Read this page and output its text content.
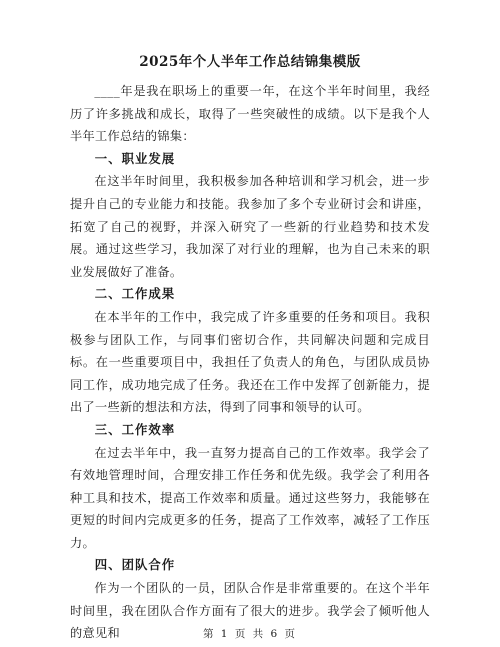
2025年个人半年工作总结锦集模版

____年是我在职场上的重要一年，在这个半年时间里，我经历了许多挑战和成长，取得了一些突破性的成绩。以下是我个人半年工作总结的锦集：

一、职业发展

在这半年时间里，我积极参加各种培训和学习机会，进一步提升自己的专业能力和技能。我参加了多个专业研讨会和讲座，拓宽了自己的视野，并深入研究了一些新的行业趋势和技术发展。通过这些学习，我加深了对行业的理解，也为自己未来的职业发展做好了准备。

二、工作成果

在本半年的工作中，我完成了许多重要的任务和项目。我积极参与团队工作，与同事们密切合作，共同解决问题和完成目标。在一些重要项目中，我担任了负责人的角色，与团队成员协同工作，成功地完成了任务。我还在工作中发挥了创新能力，提出了一些新的想法和方法，得到了同事和领导的认可。

三、工作效率

在过去半年中，我一直努力提高自己的工作效率。我学会了有效地管理时间，合理安排工作任务和优先级。我学会了利用各种工具和技术，提高工作效率和质量。通过这些努力，我能够在更短的时间内完成更多的任务，提高了工作效率，减轻了工作压力。

四、团队合作

作为一个团队的一员，团队合作是非常重要的。在这个半年时间里，我在团队合作方面有了很大的进步。我学会了倾听他人的意见和	第 1 页 共 6 页
